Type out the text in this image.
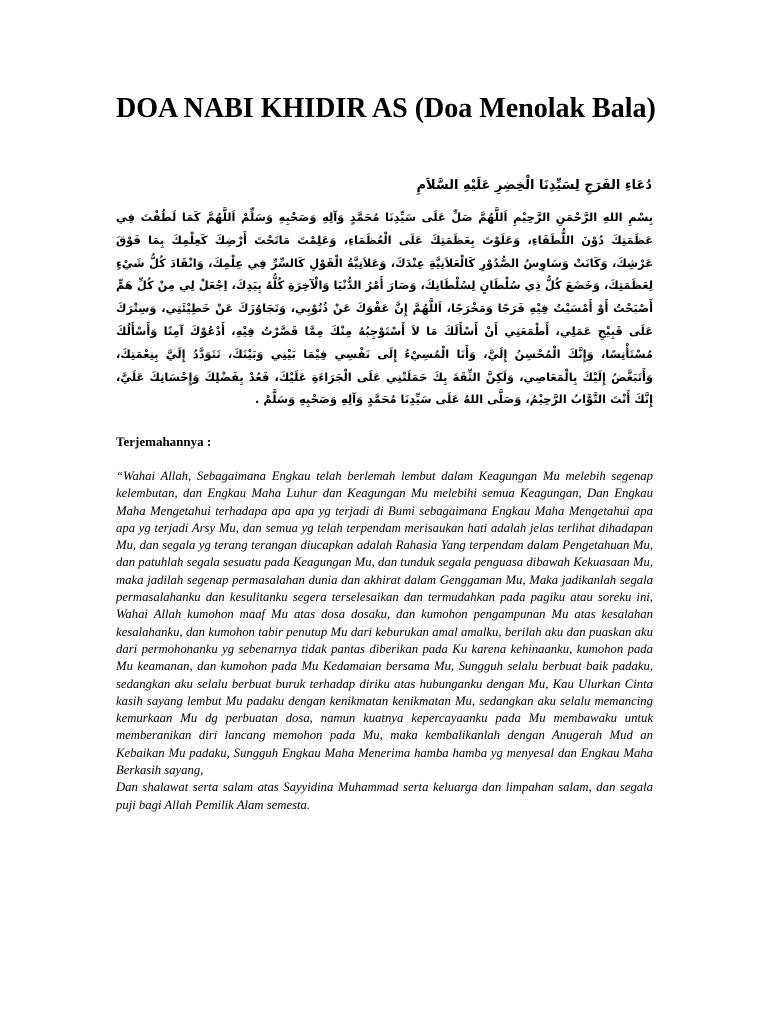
DOA NABI KHIDIR AS (Doa Menolak Bala)

دُعَاءِ الفَرَجِ لِسَيِّدِنَا الْخِضِرِ عَلَيْهِ السَّلاَمِ

بِسْمِ اللهِ الرَّحْمَنِ الرَّحِيْمِ اَللَّهُمَّ صَلِّ عَلَى سَيِّدِنَا مُحَمَّدٍ وَآلِهِ وَصَحْبِهِ وَسَلِّمْ اَللَّهُمَّ كَمَا لَطُفْتَ فِي عَظَمَتِكَ دُوْنَ اللُّطَفَاءِ، وَعَلَوْتَ بِعَظَمَتِكَ عَلَى الْعُظَمَاءِ، وَعَلِمْتَ مَاتَحْتَ أَرْضِكَ كَعِلْمِكَ بِمَا فَوْقَ عَرْشِكَ، وَكَانَتْ وَسَاوِسُ الصُّدُوْرِ كَالْعَلاَنِيَّةِ عِنْدَكَ، وَعَلاَنِيَّةُ الْقَوْلِ كَالسِّرِّ فِي عِلْمِكَ، وَانْقَادَ كُلُّ شَيْءٍ لِعَظَمَتِكَ، وَخَضَعَ كُلُّ ذِي سُلْطَانٍ لِسُلْطَانِكَ، وَصَارَ أَمْرُ الدُّنْيَا وَالْآخِرَةِ كُلُّهُ بِيَدِكَ، اِجْعَلْ لِي مِنْ كُلِّ هَمٍّ أَصْبَحْتُ أَوْ أَمْسَيْتُ فِيْهِ فَرَجًا وَمَخْرَجًا، اَللَّهُمَّ إِنَّ عَفْوَكَ عَنْ ذُنُوْبِي، وَتَجَاوُزَكَ عَنْ خَطِيْئَتِي، وَسِتْرَكَ عَلَى قَبِيْحِ عَمَلِي، أَطْمَعَنِي أَنْ أَسْأَلَكَ مَا لاَ أَسْتَوْجِبُهُ مِنْكَ مِمَّا قَصَّرْتُ فِيْهِ، أَدْعُوْكَ آمِنًا وَأَسْأَلُكَ مُسْتَأْنِسًا، وَإِنَّكَ الْمُحْسِنُ إِلَيَّ، وَأَنَا الْمُسِيْءُ إِلَى نَفْسِي فِيْمَا بَيْنِي وَبَيْنَكَ، تَتَوَدَّدُ إِلَيَّ بِنِعْمَتِكَ، وَأَتَبَغَّضُ إِلَيْكَ بِالْمَعَاصِي، وَلَكِنَّ الثِّقَةَ بِكَ حَمَلَتْنِي عَلَى الْجَرَاءَةِ عَلَيْكَ، فَعُدْ بِفَضْلِكَ وَإِحْسَانِكَ عَلَيَّ، إِنَّكَ أَنْتَ التَّوَّابُ الرَّحِيْمُ، وَصَلَّى اللهُ عَلَى سَيِّدِنَا مُحَمَّدٍ وَآلِهِ وَصَحْبِهِ وَسَلَّمْ .

Terjemahannya :

“Wahai Allah, Sebagaimana Engkau telah berlemah lembut dalam Keagungan Mu melebih segenap kelembutan, dan Engkau Maha Luhur dan Keagungan Mu melebihi semua Keagungan, Dan Engkau Maha Mengetahui terhadapa apa apa yg terjadi di Bumi sebagaimana Engkau Maha Mengetahui apa apa yg terjadi Arsy Mu, dan semua yg telah terpendam merisaukan hati adalah jelas terlihat dihadapan Mu, dan segala yg terang terangan diucapkan adalah Rahasia Yang terpendam dalam Pengetahuan Mu, dan patuhlah segala sesuatu pada Keagungan Mu, dan tunduk segala penguasa dibawah Kekuasaan Mu, maka jadilah segenap permasalahan dunia dan akhirat dalam Genggaman Mu, Maka jadikanlah segala permasalahanku dan kesulitanku segera terselesaikan dan termudahkan pada pagiku atau soreku ini, Wahai Allah kumohon maaf Mu atas dosa dosaku, dan kumohon pengampunan Mu atas kesalahan kesalahanku, dan kumohon tabir penutup Mu dari keburukan amal amalku, berilah aku dan puaskan aku dari permohonanku yg sebenarnya tidak pantas diberikan pada Ku karena kehinaanku, kumohon pada Mu keamanan, dan kumohon pada Mu Kedamaian bersama Mu, Sungguh selalu berbuat baik padaku, sedangkan aku selalu berbuat buruk terhadap diriku atas hubunganku dengan Mu, Kau Ulurkan Cinta kasih sayang lembut Mu padaku dengan kenikmatan kenikmatan Mu, sedangkan aku selalu memancing kemurkaan Mu dg perbuatan dosa, namun kuatnya kepercayaanku pada Mu membawaku untuk memberanikan diri lancang memohon pada Mu, maka kembalikanlah dengan Anugerah Mud an Kebaikan Mu padaku, Sungguh Engkau Maha Menerima hamba hamba yg menyesal dan Engkau Maha Berkasih sayang,
Dan shalawat serta salam atas Sayyidina Muhammad serta keluarga dan limpahan salam, dan segala puji bagi Allah Pemilik Alam semesta.
